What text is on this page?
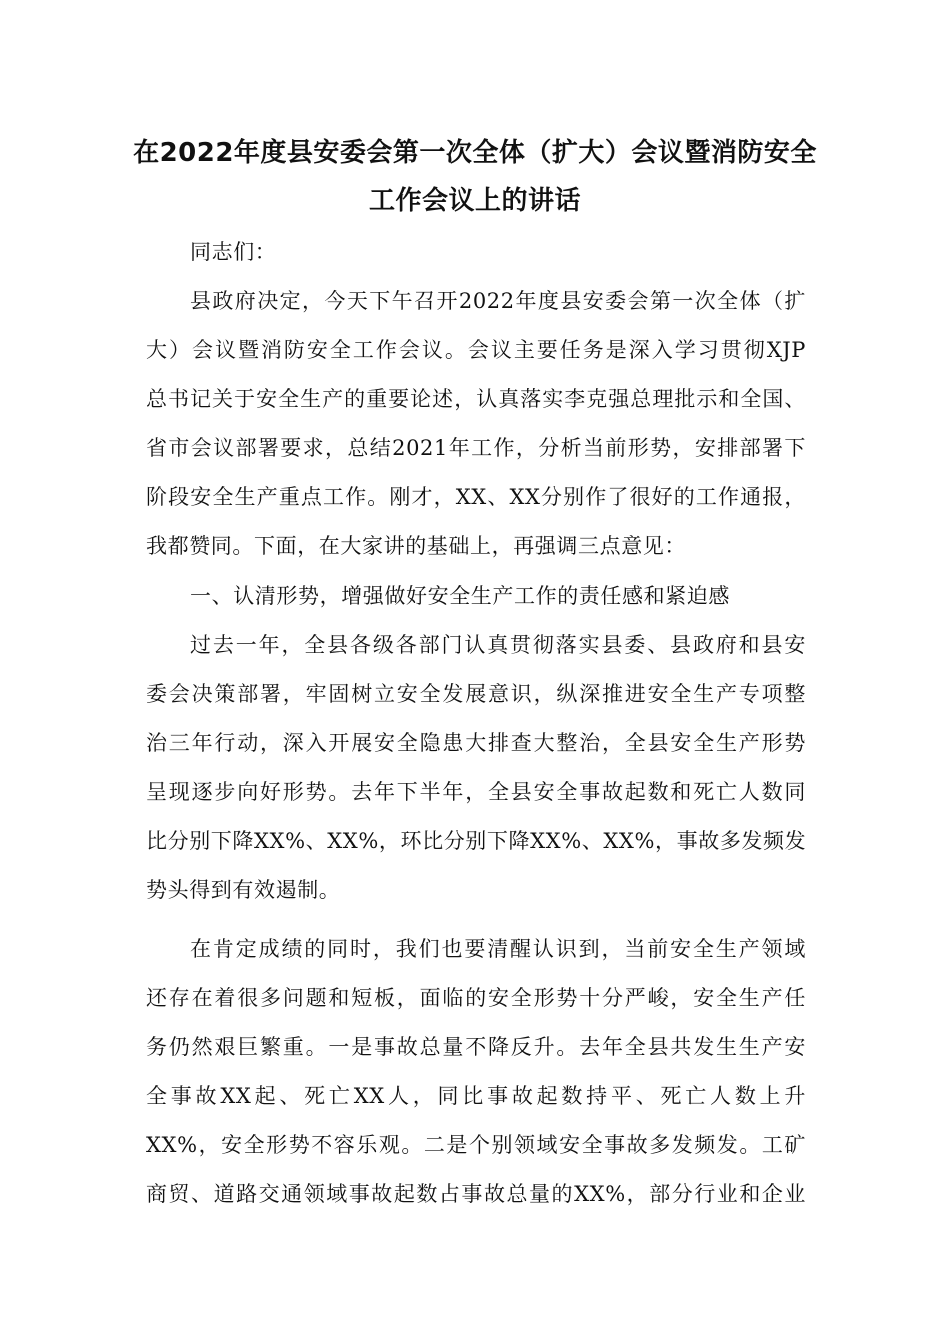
在2022年度县安委会第一次全体（扩大）会议暨消防安全
工作会议上的讲话
同志们：
县政府决定，今天下午召开2022年度县安委会第一次全体（扩
大）会议暨消防安全工作会议。会议主要任务是深入学习贯彻XJP
总书记关于安全生产的重要论述，认真落实李克强总理批示和全国、
省市会议部署要求，总结2021年工作，分析当前形势，安排部署下
阶段安全生产重点工作。刚才，XX、XX分别作了很好的工作通报，
我都赞同。下面，在大家讲的基础上，再强调三点意见：
一、认清形势，增强做好安全生产工作的责任感和紧迫感
过去一年，全县各级各部门认真贯彻落实县委、县政府和县安
委会决策部署，牢固树立安全发展意识，纵深推进安全生产专项整
治三年行动，深入开展安全隐患大排查大整治，全县安全生产形势
呈现逐步向好形势。去年下半年，全县安全事故起数和死亡人数同
比分别下降XX%、XX%，环比分别下降XX%、XX%，事故多发频发
势头得到有效遏制。
在肯定成绩的同时，我们也要清醒认识到，当前安全生产领域
还存在着很多问题和短板，面临的安全形势十分严峻，安全生产任
务仍然艰巨繁重。一是事故总量不降反升。去年全县共发生生产安
全事故XX起、死亡XX人，同比事故起数持平、死亡人数上升
XX%，安全形势不容乐观。二是个别领域安全事故多发频发。工矿
商贸、道路交通领域事故起数占事故总量的XX%，部分行业和企业
